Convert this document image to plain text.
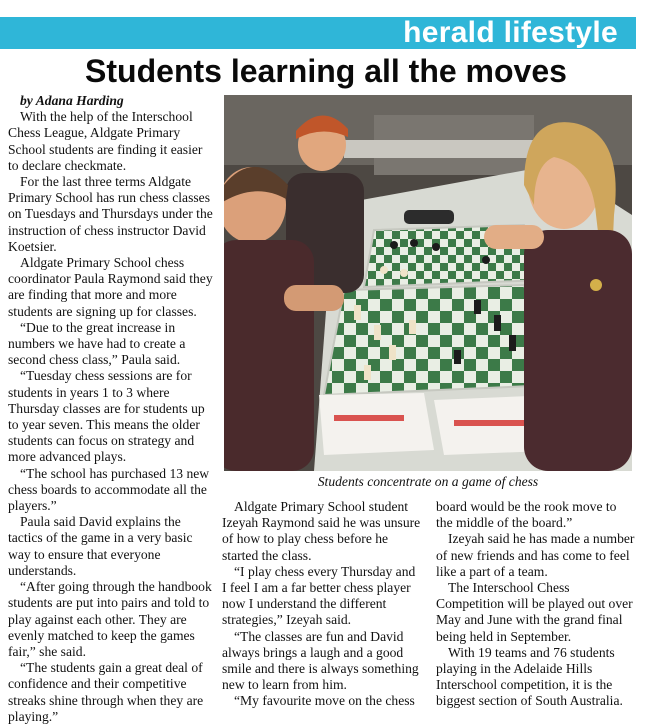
herald lifestyle
Students learning all the moves

by Adana Harding

With the help of the Interschool Chess League, Aldgate Primary School students are finding it easier to declare checkmate.

For the last three terms Aldgate Primary School has run chess classes on Tuesdays and Thursdays under the instruction of chess instructor David Koetsier.

Aldgate Primary School chess coordinator Paula Raymond said they are finding that more and more students are signing up for classes.

“Due to the great increase in numbers we have had to create a second chess class,” Paula said.

“Tuesday chess sessions are for students in years 1 to 3 where Thursday classes are for students up to year seven. This means the older students can focus on strategy and more advanced plays.

“The school has purchased 13 new chess boards to accommodate all the players.”

Paula said David explains the tactics of the game in a very basic way to ensure that everyone understands.

“After going through the handbook students are put into pairs and told to play against each other. They are evenly matched to keep the games fair,” she said.

“The students gain a great deal of confidence and their competitive streaks shine through when they are playing.”

Students concentrate on a game of chess

Aldgate Primary School student Izeyah Raymond said he was unsure of how to play chess before he started the class.

“I play chess every Thursday and I feel I am a far better chess player now I understand the different strategies,” Izeyah said.

“The classes are fun and David always brings a laugh and a good smile and there is always something new to learn from him.

“My favourite move on the chess

board would be the rook move to the middle of the board.”

Izeyah said he has made a number of new friends and has come to feel like a part of a team.

The Interschool Chess Competition will be played out over May and June with the grand final being held in September.

With 19 teams and 76 students playing in the Adelaide Hills Interschool competition, it is the biggest section of South Australia.
